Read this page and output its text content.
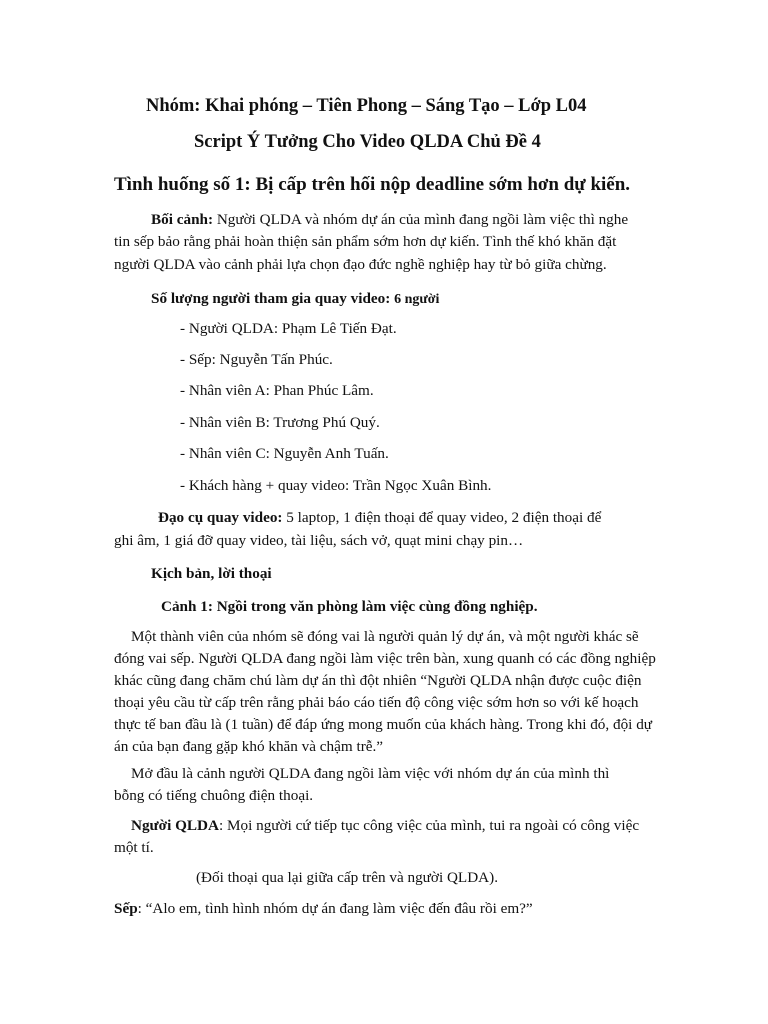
Nhóm: Khai phóng – Tiên Phong – Sáng Tạo – Lớp L04
Script Ý Tưởng Cho Video QLDA Chủ Đề 4
Tình huống số 1: Bị cấp trên hối nộp deadline sớm hơn dự kiến.
Bối cảnh: Người QLDA và nhóm dự án của mình đang ngồi làm việc thì nghe
tin sếp bảo rằng phải hoàn thiện sản phẩm sớm hơn dự kiến. Tình thế khó khăn đặt
người QLDA vào cảnh phải lựa chọn đạo đức nghề nghiệp hay từ bỏ giữa chừng.
Số lượng người tham gia quay video: 6 người
- Người QLDA: Phạm Lê Tiến Đạt.
- Sếp: Nguyễn Tấn Phúc.
- Nhân viên A: Phan Phúc Lâm.
- Nhân viên B: Trương Phú Quý.
- Nhân viên C: Nguyễn Anh Tuấn.
- Khách hàng + quay video: Trần Ngọc Xuân Bình.
Đạo cụ quay video: 5 laptop, 1 điện thoại để quay video, 2 điện thoại để
ghi âm, 1 giá đỡ quay video, tài liệu, sách vở, quạt mini chạy pin…
Kịch bản, lời thoại
Cảnh 1: Ngồi trong văn phòng làm việc cùng đồng nghiệp.
Một thành viên của nhóm sẽ đóng vai là người quản lý dự án, và một người khác sẽ
đóng vai sếp. Người QLDA đang ngồi làm việc trên bàn, xung quanh có các đồng nghiệp
khác cũng đang chăm chú làm dự án thì đột nhiên “Người QLDA nhận được cuộc điện
thoại yêu cầu từ cấp trên rằng phải báo cáo tiến độ công việc sớm hơn so với kế hoạch
thực tế ban đầu là (1 tuần) để đáp ứng mong muốn của khách hàng. Trong khi đó, đội dự
án của bạn đang gặp khó khăn và chậm trễ.”
Mở đầu là cảnh người QLDA đang ngồi làm việc với nhóm dự án của mình thì
bỗng có tiếng chuông điện thoại.
Người QLDA: Mọi người cứ tiếp tục công việc của mình, tui ra ngoài có công việc
một tí.
(Đối thoại qua lại giữa cấp trên và người QLDA).
Sếp: “Alo em, tình hình nhóm dự án đang làm việc đến đâu rồi em?”
